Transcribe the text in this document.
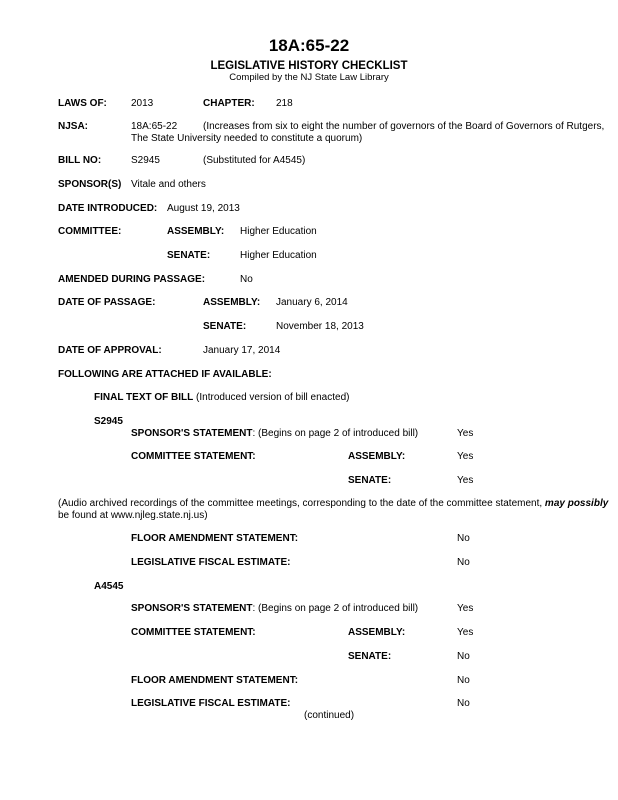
18A:65-22
LEGISLATIVE HISTORY CHECKLIST
Compiled by the NJ State Law Library
LAWS OF: 2013	CHAPTER: 218
NJSA:	18A:65-22	(Increases from six to eight the number of governors of the Board of Governors of Rutgers,
The State University needed to constitute a quorum)
BILL NO:	S2945	(Substituted for A4545)
SPONSOR(S) Vitale and others
DATE INTRODUCED: August 19, 2013
COMMITTEE:	ASSEMBLY: Higher Education
SENATE:	Higher Education
AMENDED DURING PASSAGE:	No
DATE OF PASSAGE:	ASSEMBLY: January 6, 2014
SENATE:	November 18, 2013
DATE OF APPROVAL:	January 17, 2014
FOLLOWING ARE ATTACHED IF AVAILABLE:
FINAL TEXT OF BILL (Introduced version of bill enacted)
S2945
SPONSOR'S STATEMENT: (Begins on page 2 of introduced bill)	Yes
COMMITTEE STATEMENT:	ASSEMBLY:	Yes
SENATE:	Yes
(Audio archived recordings of the committee meetings, corresponding to the date of the committee statement, may possibly
be found at www.njleg.state.nj.us)
FLOOR AMENDMENT STATEMENT:	No
LEGISLATIVE FISCAL ESTIMATE:	No
A4545
SPONSOR'S STATEMENT: (Begins on page 2 of introduced bill)	Yes
COMMITTEE STATEMENT:	ASSEMBLY:	Yes
SENATE:	No
FLOOR AMENDMENT STATEMENT:	No
LEGISLATIVE FISCAL ESTIMATE:	No
(continued)
